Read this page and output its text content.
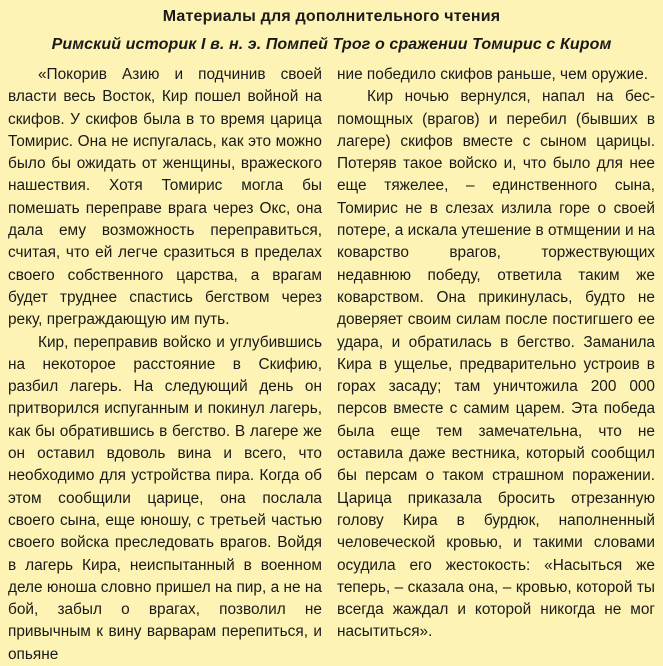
Материалы для дополнительного чтения
Римский историк I в. н. э. Помпей Трог о сражении Томирис с Киром

«Покорив Азию и подчинив своей власти весь Восток, Кир пошел войной на скифов. У скифов была в то время царица Томирис. Она не испугалась, как это можно было бы ожидать от женщины, вражеского нашествия. Хотя Томирис могла бы помешать переправе врага через Окс, она дала ему возможность переправиться, считая, что ей легче сразиться в пределах своего собственного царства, а врагам будет труднее спастись бегством через реку, преграждающую им путь.

Кир, переправив войско и углубившись на некоторое расстояние в Скифию, разбил лагерь. На следующий день он притворился испуганным и покинул лагерь, как бы обратившись в бегство. В лагере же он оставил вдоволь вина и всего, что необходимо для устройства пира. Когда об этом сообщили царице, она послала своего сына, еще юношу, с третьей частью своего войска преследовать врагов. Войдя в лагерь Кира, неиспытанный в военном деле юноша словно пришел на пир, а не на бой, забыл о врагах, позволил не привычным к вину варварам перепиться, и опьяне

ние победило скифов раньше, чем оружие.

Кир ночью вернулся, напал на беспомощных (врагов) и перебил (бывших в лагере) скифов вместе с сыном царицы. Потеряв такое войско и, что было для нее еще тяжелее, – единственного сына, Томирис не в слезах излила горе о своей потере, а искала утешение в отмщении и на коварство врагов, торжествующих недавнюю победу, ответила таким же коварством. Она прикинулась, будто не доверяет своим силам после постигшего ее удара, и обратилась в бегство. Заманила Кира в ущелье, предварительно устроив в горах засаду; там уничтожила 200 000 персов вместе с самим царем. Эта победа была еще тем замечательна, что не оставила даже вестника, который сообщил бы персам о таком страшном поражении. Царица приказала бросить отрезанную голову Кира в бурдюк, наполненный человеческой кровью, и такими словами осудила его жестокость: «Насыться же теперь, – сказала она, – кровью, которой ты всегда жаждал и которой никогда не мог насытиться».
